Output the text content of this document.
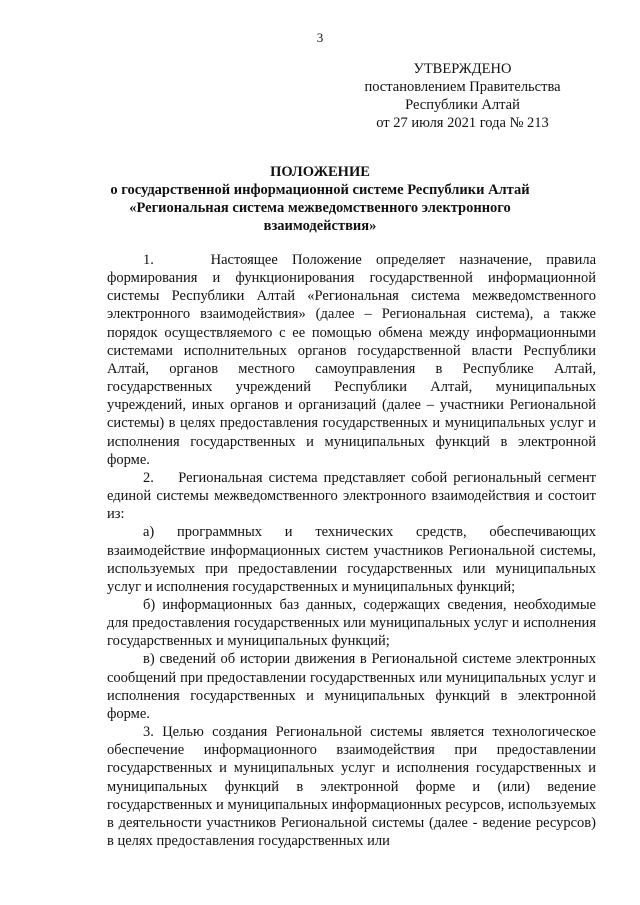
3
УТВЕРЖДЕНО
постановлением Правительства
Республики Алтай
от 27 июля 2021 года № 213
ПОЛОЖЕНИЕ
о государственной информационной системе Республики Алтай
«Региональная система межведомственного электронного
взаимодействия»

1.    Настоящее Положение определяет назначение, правила формирования и функционирования государственной информационной системы Республики Алтай «Региональная система межведомственного электронного взаимодействия» (далее – Региональная система), а также порядок осуществляемого с ее помощью обмена между информационными системами исполнительных органов государственной власти Республики Алтай, органов местного самоуправления в Республике Алтай, государственных учреждений Республики Алтай, муниципальных учреждений, иных органов и организаций (далее – участники Региональной системы) в целях предоставления государственных и муниципальных услуг и исполнения государственных и муниципальных функций в электронной форме.

2.    Региональная система представляет собой региональный сегмент единой системы межведомственного электронного взаимодействия и состоит из:

а) программных и технических средств, обеспечивающих взаимодействие информационных систем участников Региональной системы, используемых при предоставлении государственных или муниципальных услуг и исполнения государственных и муниципальных функций;

б) информационных баз данных, содержащих сведения, необходимые для предоставления государственных или муниципальных услуг и исполнения государственных и муниципальных функций;

в) сведений об истории движения в Региональной системе электронных сообщений при предоставлении государственных или муниципальных услуг и исполнения государственных и муниципальных функций в электронной форме.

3. Целью создания Региональной системы является технологическое обеспечение информационного взаимодействия при предоставлении государственных и муниципальных услуг и исполнения государственных и муниципальных функций в электронной форме и (или) ведение государственных и муниципальных информационных ресурсов, используемых в деятельности участников Региональной системы (далее - ведение ресурсов) в целях предоставления государственных или
